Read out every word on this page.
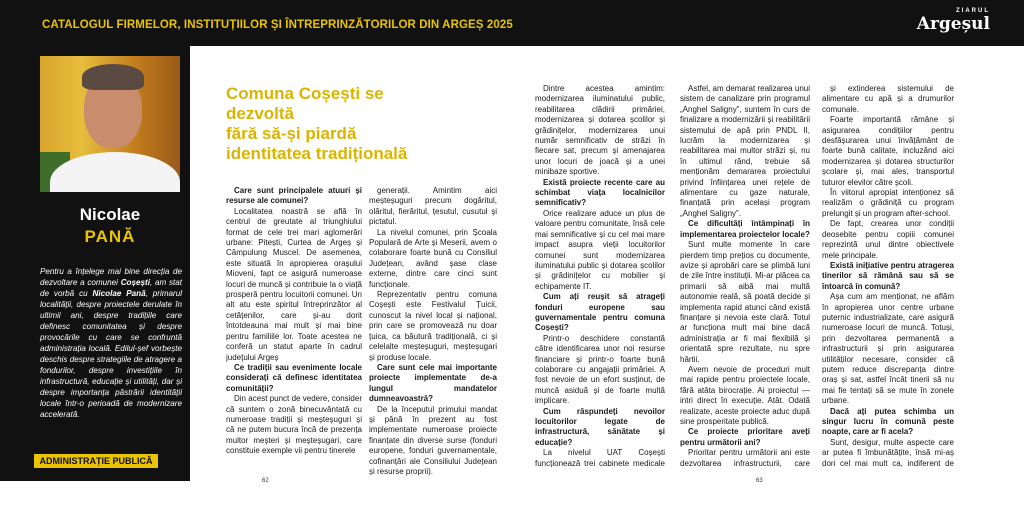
CATALOGUL FIRMELOR, INSTITUȚIILOR ȘI ÎNTREPRINZĂTORILOR DIN ARGEȘ 2025
ZIARUL
Argeșul
Nicolae
PANĂ
Pentru a înțelege mai bine direcția de dezvoltare a comunei Coșești, am stat de vorbă cu Nicolae Pană, primarul localității, despre proiectele derulate în ultimii ani, despre tradițiile care definesc comunitatea și despre provocările cu care se confruntă administrația locală. Edilul-șef vorbește deschis despre strategiile de atragere a fondurilor, despre investițiile în infrastructură, educație și utilități, dar și despre importanța păstrării identității locale într-o perioadă de modernizare accelerată.
ADMINISTRAȚIE PUBLICĂ
Comuna Coșești se dezvoltă
fără să-și piardă
identitatea tradițională

Care sunt principalele atuuri și resurse ale comunei?

Localitatea noastră se află în centrul de greutate al triunghiului format de cele trei mari aglomerări urbane: Pitești, Curtea de Argeș și Câmpulung Muscel. De asemenea, este situată în apropierea orașului Mioveni, fapt ce asigură numeroase locuri de muncă și contribuie la o viață prosperă pentru locuitorii comunei. Un alt atu este spiritul întreprinzător al cetățenilor, care și-au dorit întotdeauna mai mult și mai bine pentru familiile lor. Toate acestea ne conferă un statut aparte în cadrul județului Argeș

Ce tradiții sau evenimente locale considerați că definesc identitatea comunității?

Din acest punct de vedere, consider că suntem o zonă binecuvântată cu numeroase tradiții și meșteșuguri și că ne putem bucura încă de prezența multor meșteri și meșteșugari, care constituie exemple vii pentru tinerele

generații. Amintim aici meșteșuguri precum dogăritul, olăritul, fierăritul, țesutul, cusutul și pictatul.

La nivelul comunei, prin Școala Populară de Arte și Meserii, avem o colaborare foarte bună cu Consiliul Județean, având șase clase externe, dintre care cinci sunt funcționale.

Reprezentativ pentru comuna Coșești este Festivalul Țuicii, cunoscut la nivel local și național, prin care se promovează nu doar țuica, ca băutură tradițională, ci și celelalte meșteșuguri, meșteșugari și produse locale.

Care sunt cele mai importante proiecte implementate de-a lungul mandatelor dumneavoastră?

De la începutul primului mandat și până în prezent au fost implementate numeroase proiecte finanțate din diverse surse (fonduri europene, fonduri guvernamentale, cofinanțări ale Consiliului Județean și resurse proprii).

Dintre acestea amintim: modernizarea iluminatului public, reabilitarea clădirii primăriei, modernizarea și dotarea școlilor și grădinițelor, modernizarea unui număr semnificativ de străzi în fiecare sat, precum și amenajarea unor locuri de joacă și a unei minibaze sportive.

Există proiecte recente care au schimbat viața localnicilor semnificativ?

Orice realizare aduce un plus de valoare pentru comunitate, însă cele mai semnificative și cu cel mai mare impact asupra vieții locuitorilor comunei sunt modernizarea iluminatului public și dotarea școlilor și grădinițelor cu mobilier și echipamente IT.

Cum ați reușit să atrageți fonduri europene sau guvernamentale pentru comuna Coșești?

Printr-o deschidere constantă către identificarea unor noi resurse financiare și printr-o foarte bună colaborare cu angajații primăriei. A fost nevoie de un efort susținut, de muncă asiduă și de foarte multă implicare.

Cum răspundeți nevoilor locuitorilor legate de infrastructură, sănătate și educație?

La nivelul UAT Coșești funcționează trei cabinete medicale

Astfel, am demarat realizarea unui sistem de canalizare prin programul „Anghel Saligny”, suntem în curs de finalizare a modernizării și reabilitării sistemului de apă prin PNDL II, lucrăm la modernizarea și reabilitarea mai multor străzi și, nu în ultimul rând, trebuie să menționăm demararea proiectului privind înființarea unei rețele de alimentare cu gaze naturale, finanțată prin același program „Anghel Saligny”.

Ce dificultăți întâmpinați în implementarea proiectelor locale?

Sunt multe momente în care pierdem timp prețios cu documente, avize și aprobări care se plimbă luni de zile între instituții. Mi-ar plăcea ca primarii să aibă mai multă autonomie reală, să poată decide și implementa rapid atunci când există finanțare și nevoia este clară. Totul ar funcționa mult mai bine dacă administrația ar fi mai flexibilă și orientată spre rezultate, nu spre hârtii.

Avem nevoie de proceduri mult mai rapide pentru proiectele locale, fără atâta birocrație. Ai proiectul — intri direct în execuție. Atât. Odată realizate, aceste proiecte aduc după sine prosperitate publică.

Ce proiecte prioritare aveți pentru următorii ani?

Prioritar pentru următorii ani este dezvoltarea infrastructurii, care

și extinderea sistemului de alimentare cu apă și a drumurilor comunale.

Foarte importantă rămâne și asigurarea condițiilor pentru desfășurarea unui învățământ de foarte bună calitate, incluzând aici modernizarea și dotarea structurilor școlare și, mai ales, transportul tuturor elevilor către școli.

În viitorul apropiat intenționez să realizăm o grădiniță cu program prelungit și un program after-school.

De fapt, crearea unor condiții deosebite pentru copiii comunei reprezintă unul dintre obiectivele mele principale.

Există inițiative pentru atragerea tinerilor să rămână sau să se întoarcă în comună?

Așa cum am menționat, ne aflăm în apropierea unor centre urbane puternic industrializate, care asigură numeroase locuri de muncă. Totuși, prin dezvoltarea permanentă a infrastructurii și prin asigurarea utilităților necesare, consider că putem reduce discrepanța dintre oraș și sat, astfel încât tinerii să nu mai fie tentați să se mute în zonele urbane.

Dacă ați putea schimba un singur lucru în comună peste noapte, care ar fi acela?

Sunt, desigur, multe aspecte care ar putea fi îmbunătățite, însă mi-aș dori cel mai mult ca, indiferent de

62	63
